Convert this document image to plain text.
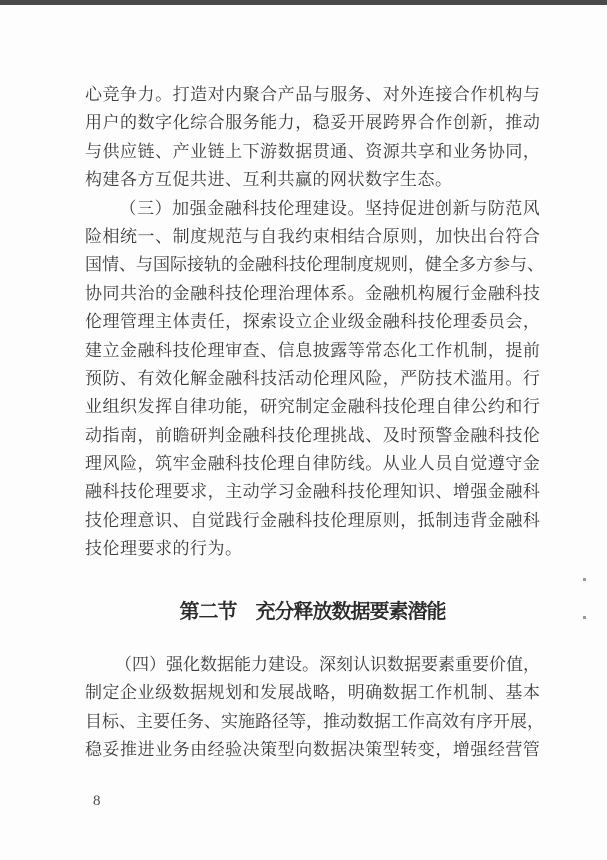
心 竞 争 力 。 打 造 对 内 聚 合 产 品 与 服 务 、 对 外 连 接 合 作 机 构 与
用 户 的 数 字 化 综 合 服 务 能 力 ， 稳 妥 开 展 跨 界 合 作 创 新 ， 推 动
与 供 应 链 、 产 业 链 上 下 游 数 据 贯 通 、 资 源 共 享 和 业 务 协 同 ，
构建各方互促共进、互利共赢的网状数字生态。
（ 三 ） 加 强 金 融 科 技 伦 理 建 设 。 坚 持 促 进 创 新 与 防 范 风
险 相 统 一 、 制 度 规 范 与 自 我 约 束 相 结 合 原 则 ， 加 快 出 台 符 合
国 情 、 与 国 际 接 轨 的 金 融 科 技 伦 理 制 度 规 则 ， 健 全 多 方 参 与 、
协 同 共 治 的 金 融 科 技 伦 理 治 理 体 系 。 金 融 机 构 履 行 金 融 科 技
伦 理 管 理 主 体 责 任 ， 探 索 设 立 企 业 级 金 融 科 技 伦 理 委 员 会 ，
建 立 金 融 科 技 伦 理 审 查 、 信 息 披 露 等 常 态 化 工 作 机 制 ， 提 前
预 防 、 有 效 化 解 金 融 科 技 活 动 伦 理 风 险 ， 严 防 技 术 滥 用 。 行
业 组 织 发 挥 自 律 功 能 ， 研 究 制 定 金 融 科 技 伦 理 自 律 公 约 和 行
动 指 南 ， 前 瞻 研 判 金 融 科 技 伦 理 挑 战 、 及 时 预 警 金 融 科 技 伦
理 风 险 ， 筑 牢 金 融 科 技 伦 理 自 律 防 线 。 从 业 人 员 自 觉 遵 守 金
融 科 技 伦 理 要 求 ， 主 动 学 习 金 融 科 技 伦 理 知 识 、 增 强 金 融 科
技 伦 理 意 识 、 自 觉 践 行 金 融 科 技 伦 理 原 则 ， 抵 制 违 背 金 融 科
技伦理要求的行为。
第二节　充分释放数据要素潜能
（ 四 ） 强 化 数 据 能 力 建 设 。 深 刻 认 识 数 据 要 素 重 要 价 值 ，
制 定 企 业 级 数 据 规 划 和 发 展 战 略 ， 明 确 数 据 工 作 机 制 、 基 本
目 标 、 主 要 任 务 、 实 施 路 径 等 ， 推 动 数 据 工 作 高 效 有 序 开 展 ，
稳 妥 推 进 业 务 由 经 验 决 策 型 向 数 据 决 策 型 转 变 ， 增 强 经 营 管
8
